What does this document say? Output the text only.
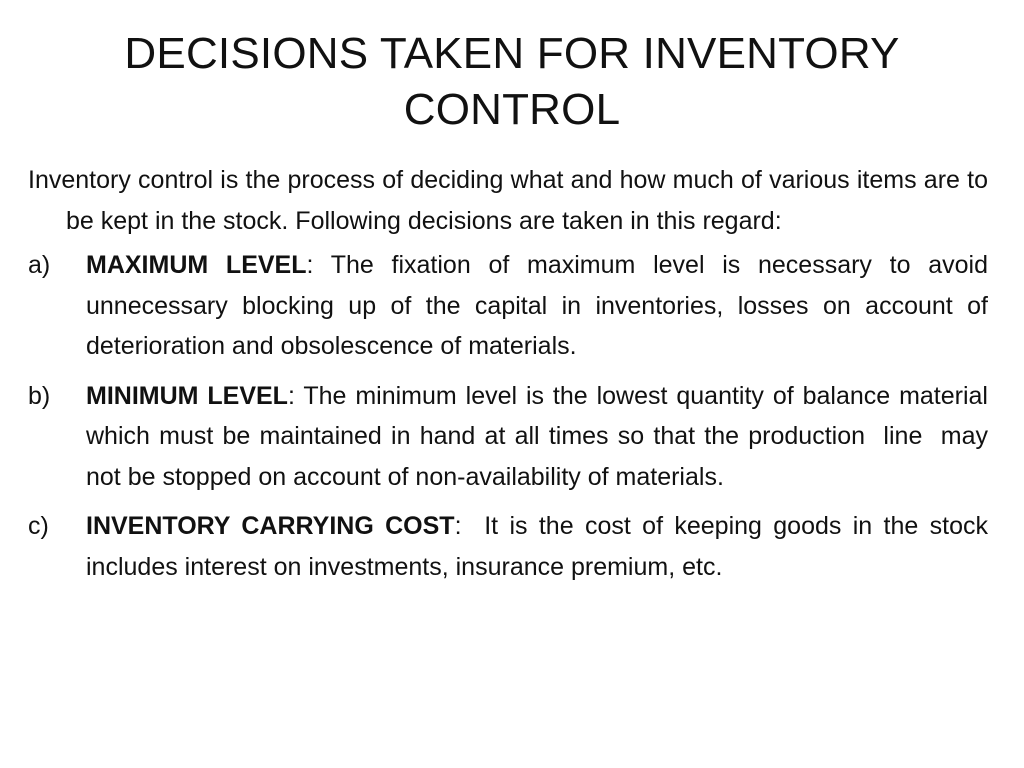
DECISIONS TAKEN FOR INVENTORY CONTROL

Inventory control is the process of deciding what and how much of various items are to be kept in the stock. Following decisions are taken in this regard:

a)	MAXIMUM LEVEL: The fixation of maximum level is necessary to avoid unnecessary blocking up of the capital in inventories, losses on account of deterioration and obsolescence of materials.
b)	MINIMUM LEVEL: The minimum level is the lowest quantity of balance material which must be maintained in hand at all times so that the production  line  may not be stopped on account of non-availability of materials.
c)	INVENTORY CARRYING COST:  It is the cost of keeping goods in the stock includes interest on investments, insurance premium, etc.
